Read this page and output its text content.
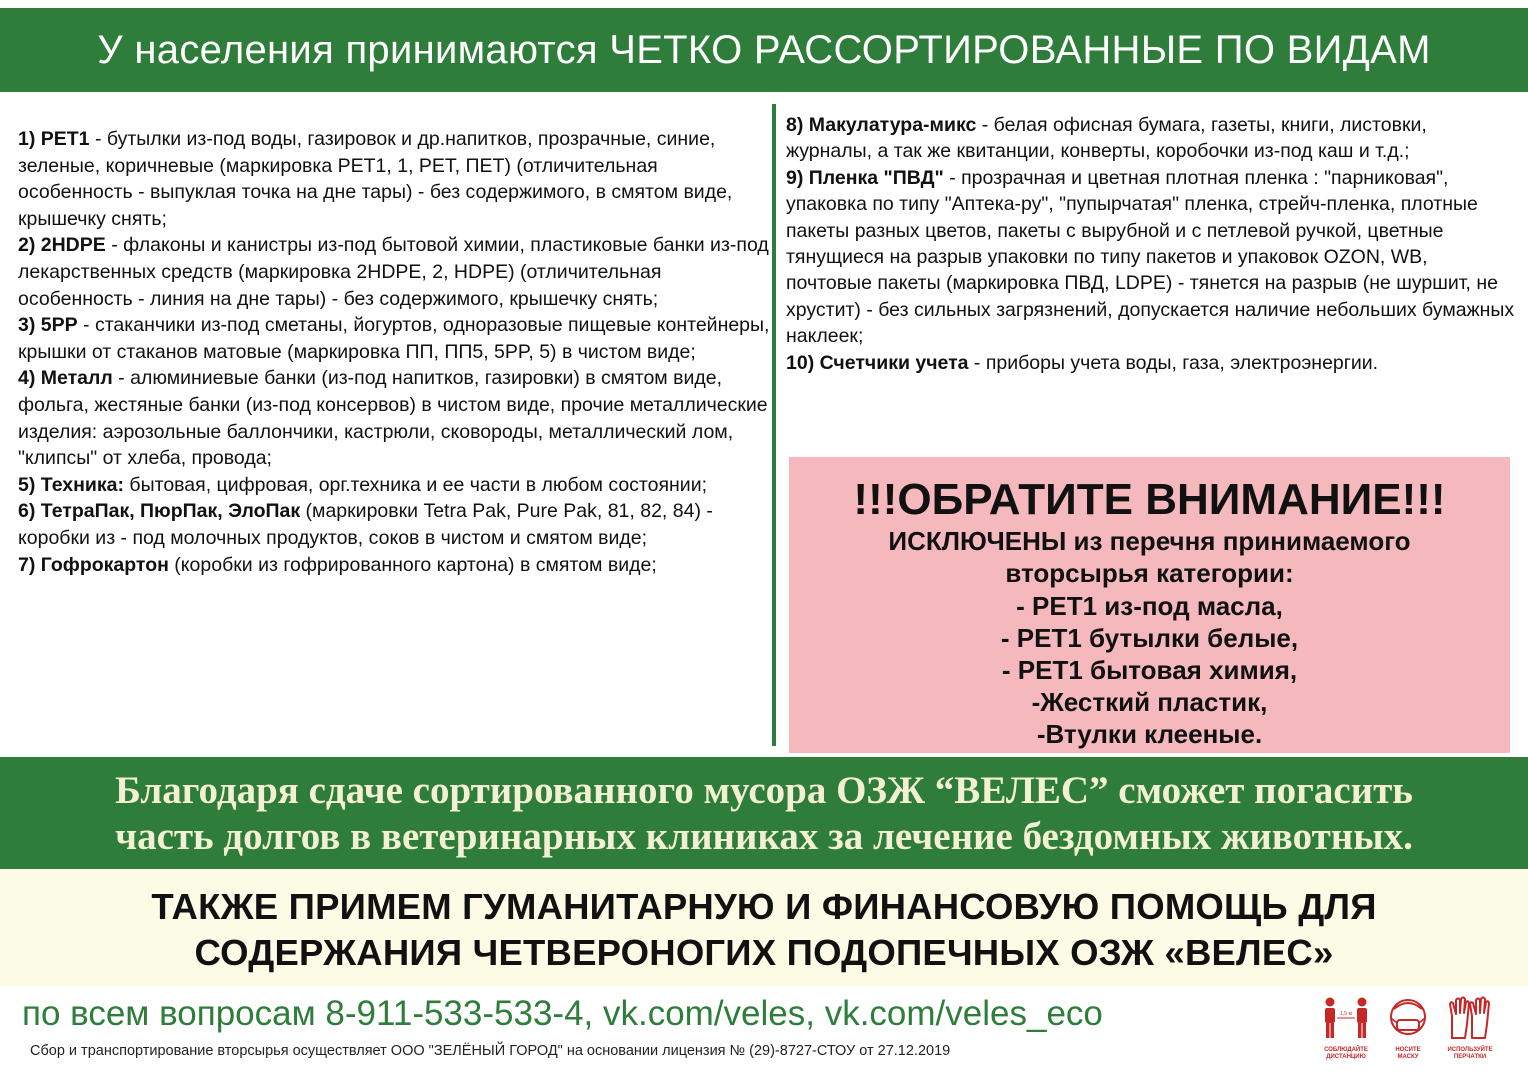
У населения принимаются ЧЕТКО РАССОРТИРОВАННЫЕ ПО ВИДАМ

1) PET1 - бутылки из-под воды, газировок и др.напитков, прозрачные, синие, зеленые, коричневые (маркировка PET1, 1, PET, ПЕТ) (отличительная особенность - выпуклая точка на дне тары) - без содержимого, в смятом виде, крышечку снять;

2) 2HDPE - флаконы и канистры из-под бытовой химии, пластиковые банки из-под лекарственных средств (маркировка 2HDPE, 2, HDPE) (отличительная особенность - линия на дне тары) - без содержимого, крышечку снять;

3) 5PP - стаканчики из-под сметаны, йогуртов, одноразовые пищевые контейнеры, крышки от стаканов матовые (маркировка ПП, ПП5, 5PP, 5) в чистом виде;

4) Металл - алюминиевые банки (из-под напитков, газировки) в смятом виде, фольга, жестяные банки (из-под консервов) в чистом виде, прочие металлические изделия: аэрозольные баллончики, кастрюли, сковороды, металлический лом, "клипсы" от хлеба, провода;

5) Техника: бытовая, цифровая, орг.техника и ее части в любом состоянии;

6) ТетраПак, ПюрПак, ЭлоПак (маркировки Tetra Pak, Pure Pak, 81, 82, 84) - коробки из - под молочных продуктов, соков в чистом и смятом виде;

7) Гофрокартон (коробки из гофрированного картона) в смятом виде;

8) Макулатура-микс - белая офисная бумага, газеты, книги, листовки, журналы, а так же квитанции, конверты, коробочки из-под каш и т.д.;

9) Пленка "ПВД" - прозрачная и цветная плотная пленка : "парниковая", упаковка по типу "Аптека-ру", "пупырчатая" пленка, стрейч-пленка, плотные пакеты разных цветов, пакеты с вырубной и с петлевой ручкой, цветные тянущиеся на разрыв упаковки по типу пакетов и упаковок OZON, WB, почтовые пакеты (маркировка ПВД, LDPE) - тянется на разрыв (не шуршит, не хрустит) - без сильных загрязнений, допускается наличие небольших бумажных наклеек;

10) Счетчики учета - приборы учета воды, газа, электроэнергии.

!!!ОБРАТИТЕ ВНИМАНИЕ!!!
ИСКЛЮЧЕНЫ из перечня принимаемого
вторсырья категории:
- PET1 из-под масла,
- PET1 бутылки белые,
- PET1 бытовая химия,
-Жесткий пластик,
-Втулки клееные.
Благодаря сдаче сортированного мусора ОЗЖ “ВЕЛЕС” сможет погасить
часть долгов в ветеринарных клиниках за лечение бездомных животных.
ТАКЖЕ ПРИМЕМ ГУМАНИТАРНУЮ И ФИНАНСОВУЮ ПОМОЩЬ ДЛЯ
СОДЕРЖАНИЯ ЧЕТВЕРОНОГИХ ПОДОПЕЧНЫХ ОЗЖ «ВЕЛЕС»
по всем вопросам 8-911-533-533-4, vk.com/veles, vk.com/veles_eco
Сбор и транспортирование вторсырья осуществляет ООО "ЗЕЛЁНЫЙ ГОРОД" на основании лицензия № (29)-8727-СТОУ от 27.12.2019
1,5 м
СОБЛЮДАЙТЕ
ДИСТАНЦИЮ
НОСИТЕ
МАСКУ
ИСПОЛЬЗУЙТЕ
ПЕРЧАТКИ
